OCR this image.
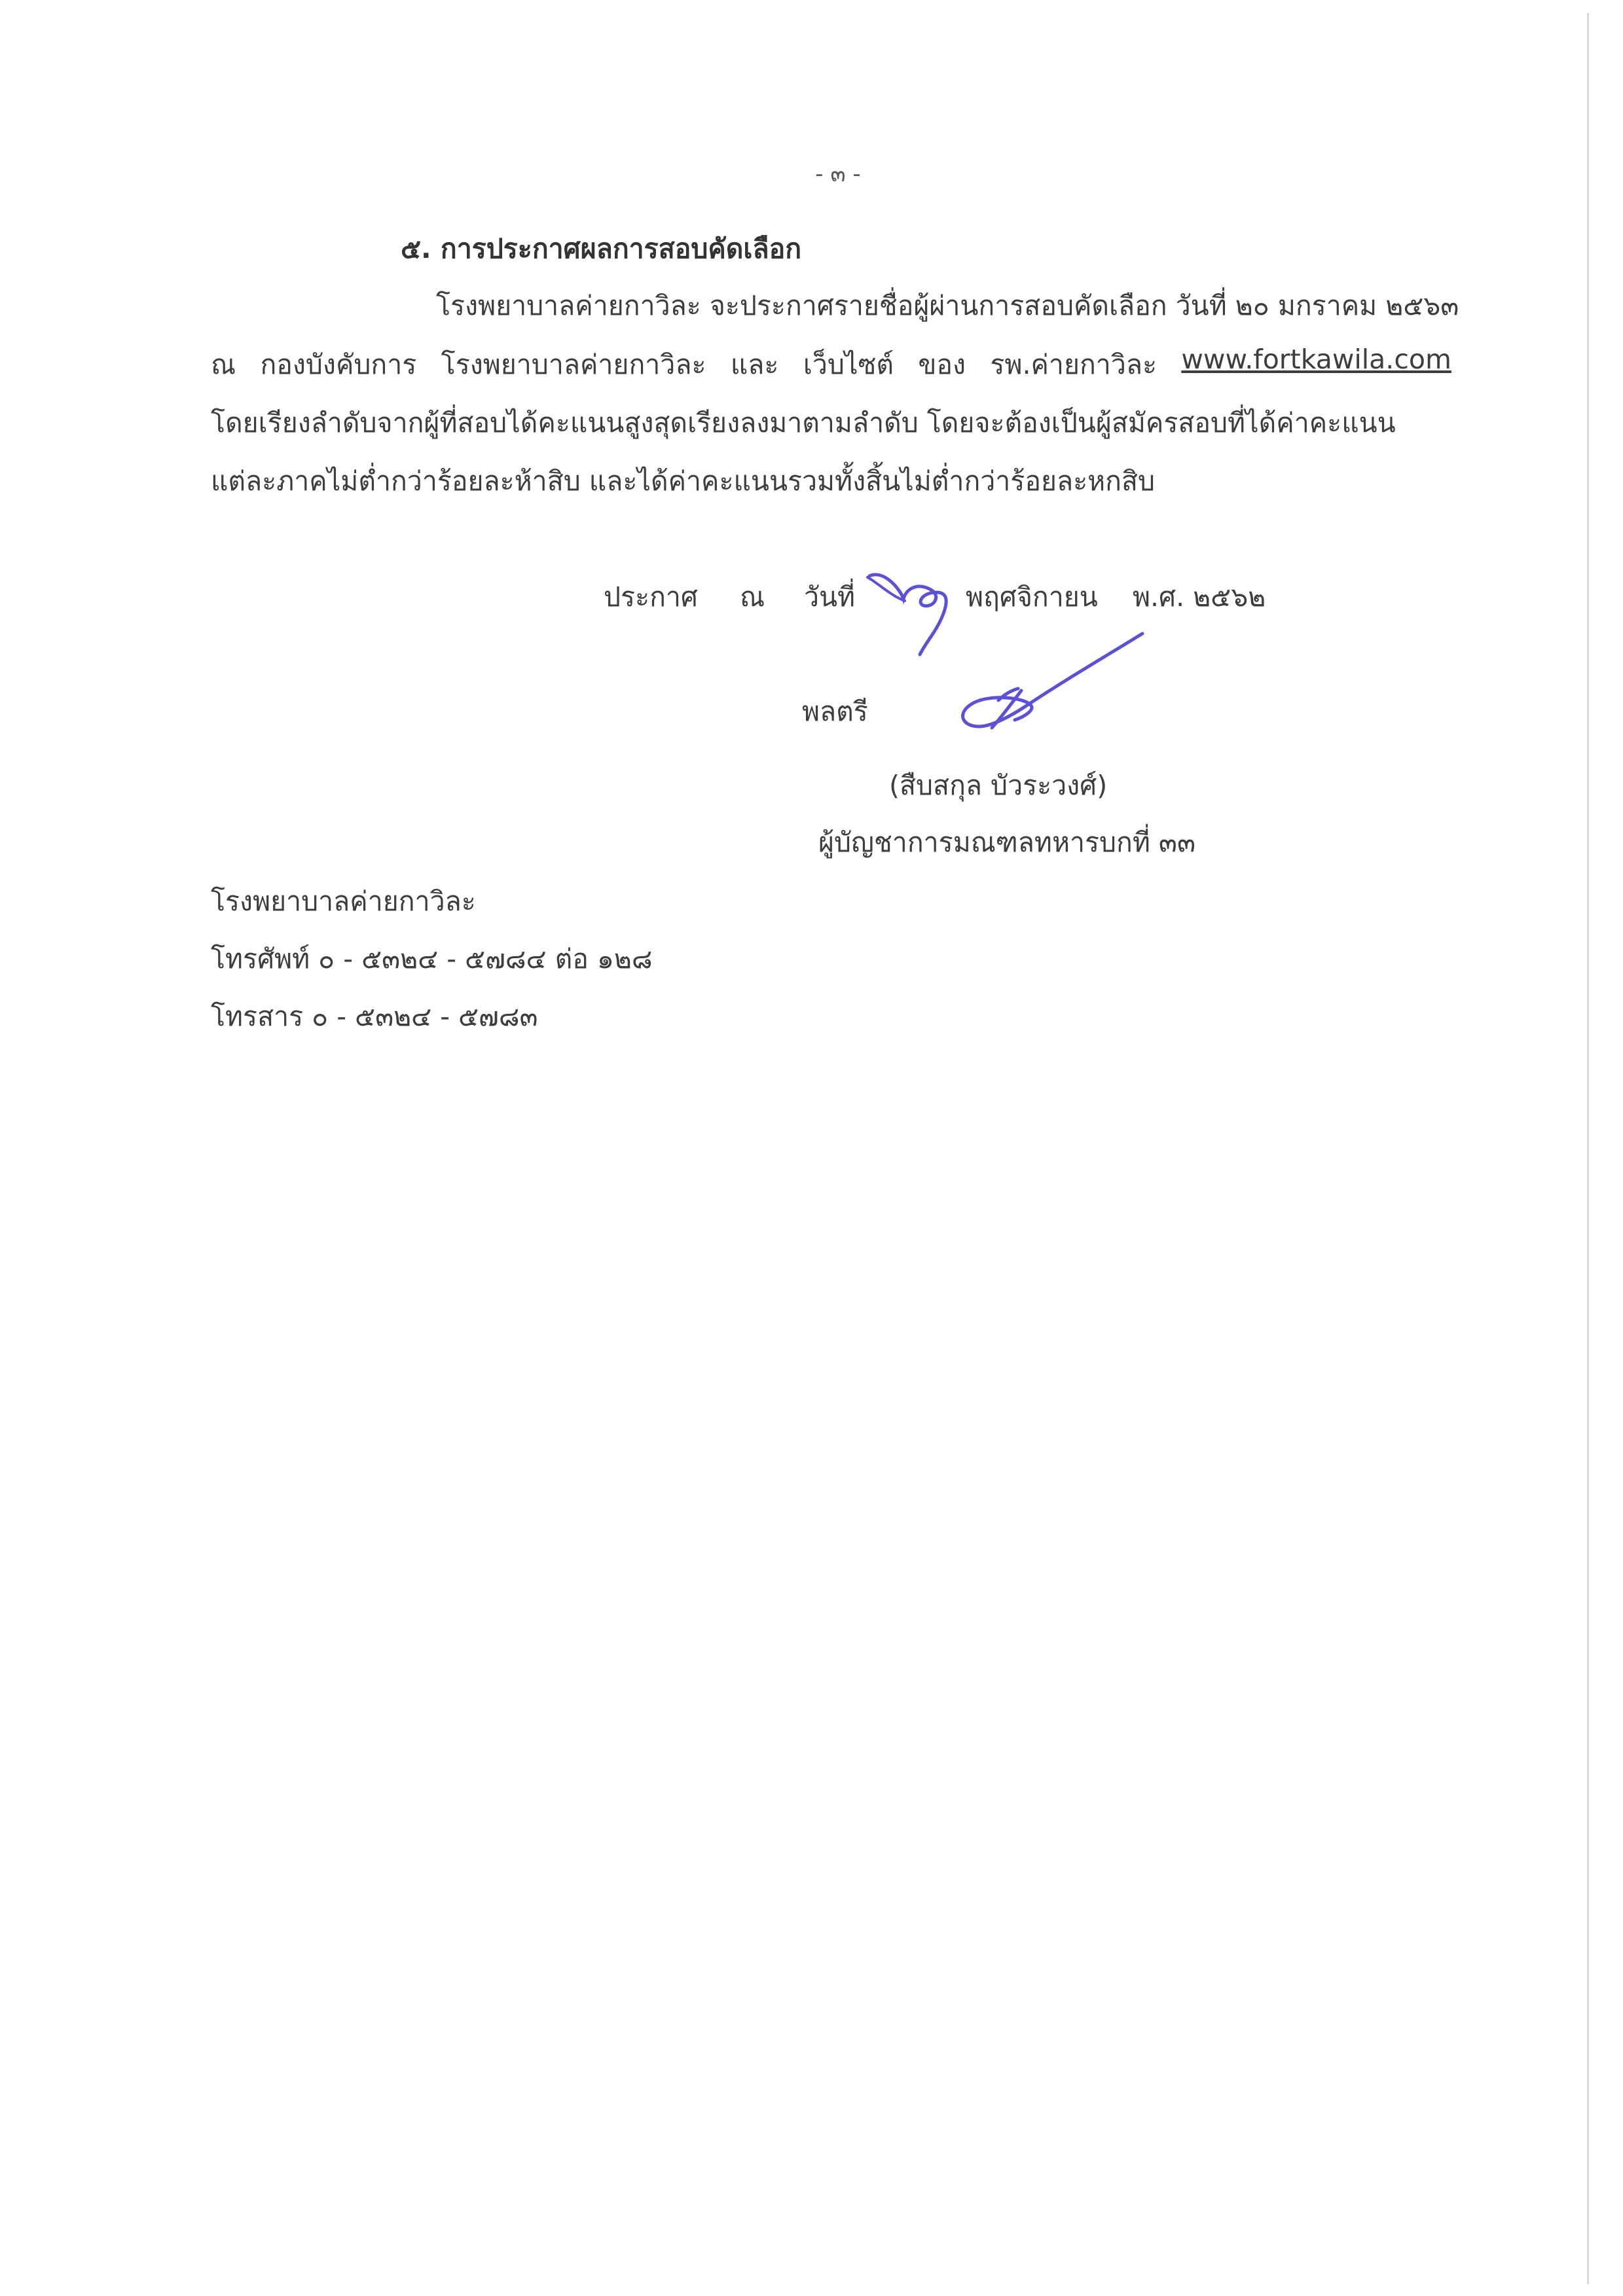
- ๓ -
๕. การประกาศผลการสอบคัดเลือก
โรงพยาบาลค่ายกาวิละ จะประกาศรายชื่อผู้ผ่านการสอบคัดเลือก วันที่ ๒๐ มกราคม ๒๕๖๓
ณ กองบังคับการ โรงพยาบาลค่ายกาวิละ และ เว็บไซต์ ของ รพ.ค่ายกาวิละ www.fortkawila.com
โดยเรียงลำดับจากผู้ที่สอบได้คะแนนสูงสุดเรียงลงมาตามลำดับ โดยจะต้องเป็นผู้สมัครสอบที่ได้ค่าคะแนน
แต่ละภาคไม่ต่ำกว่าร้อยละห้าสิบ และได้ค่าคะแนนรวมทั้งสิ้นไม่ต่ำกว่าร้อยละหกสิบ
ประกาศ ณ วันที่	พฤศจิกายน พ.ศ. ๒๕๖๒
พลตรี
(สืบสกุล บัวระวงศ์)
ผู้บัญชาการมณฑลทหารบกที่ ๓๓
โรงพยาบาลค่ายกาวิละ
โทรศัพท์ ๐ - ๕๓๒๔ - ๕๗๘๔ ต่อ ๑๒๘
โทรสาร ๐ - ๕๓๒๔ - ๕๗๘๓
